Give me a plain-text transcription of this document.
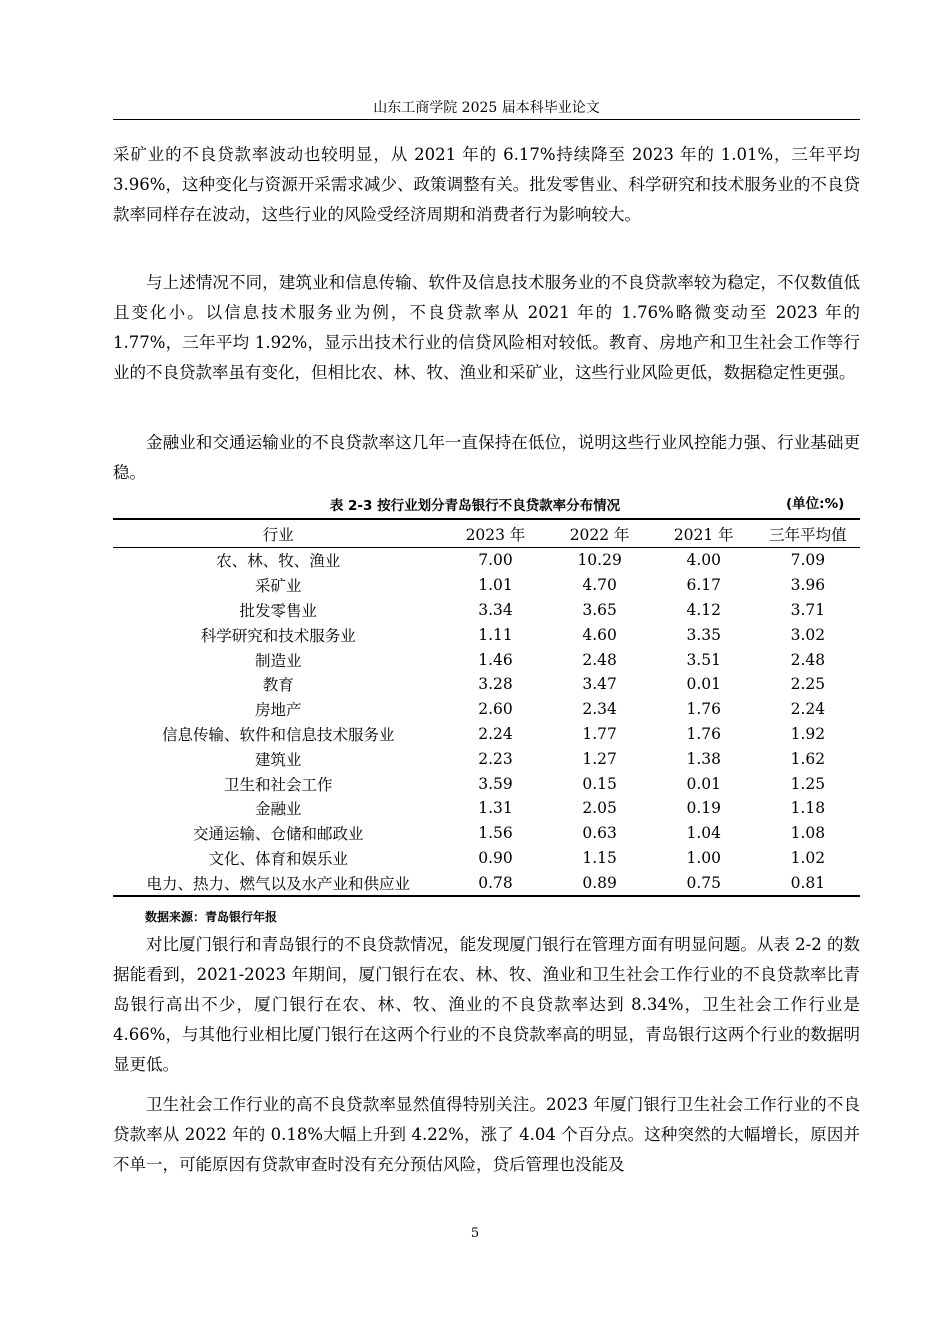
山东工商学院 2025 届本科毕业论文

采矿业的不良贷款率波动也较明显，从 2021 年的 6.17%持续降至 2023 年的 1.01%，三年平均 3.96%，这种变化与资源开采需求减少、政策调整有关。批发零售业、科学研究和技术服务业的不良贷款率同样存在波动，这些行业的风险受经济周期和消费者行为影响较大。

与上述情况不同，建筑业和信息传输、软件及信息技术服务业的不良贷款率较为稳定，不仅数值低且变化小。以信息技术服务业为例，不良贷款率从 2021 年的 1.76%略微变动至 2023 年的 1.77%，三年平均 1.92%，显示出技术行业的信贷风险相对较低。教育、房地产和卫生社会工作等行业的不良贷款率虽有变化，但相比农、林、牧、渔业和采矿业，这些行业风险更低，数据稳定性更强。

金融业和交通运输业的不良贷款率这几年一直保持在低位，说明这些行业风控能力强、行业基础更稳。

表 2-3 按行业划分青岛银行不良贷款率分布情况	(单位:%)
行业	2023 年	2022 年	2021 年	三年平均值
农、林、牧、渔业	7.00	10.29	4.00	7.09
采矿业	1.01	4.70	6.17	3.96
批发零售业	3.34	3.65	4.12	3.71
科学研究和技术服务业	1.11	4.60	3.35	3.02
制造业	1.46	2.48	3.51	2.48
教育	3.28	3.47	0.01	2.25
房地产	2.60	2.34	1.76	2.24
信息传输、软件和信息技术服务业	2.24	1.77	1.76	1.92
建筑业	2.23	1.27	1.38	1.62
卫生和社会工作	3.59	0.15	0.01	1.25
金融业	1.31	2.05	0.19	1.18
交通运输、仓储和邮政业	1.56	0.63	1.04	1.08
文化、体育和娱乐业	0.90	1.15	1.00	1.02
电力、热力、燃气以及水产业和供应业	0.78	0.89	0.75	0.81
数据来源：青岛银行年报

对比厦门银行和青岛银行的不良贷款情况，能发现厦门银行在管理方面有明显问题。从表 2-2 的数据能看到，2021-2023 年期间，厦门银行在农、林、牧、渔业和卫生社会工作行业的不良贷款率比青岛银行高出不少，厦门银行在农、林、牧、渔业的不良贷款率达到 8.34%，卫生社会工作行业是 4.66%，与其他行业相比厦门银行在这两个行业的不良贷款率高的明显，青岛银行这两个行业的数据明显更低。

卫生社会工作行业的高不良贷款率显然值得特别关注。2023 年厦门银行卫生社会工作行业的不良贷款率从 2022 年的 0.18%大幅上升到 4.22%，涨了 4.04 个百分点。这种突然的大幅增长，原因并不单一，可能原因有贷款审查时没有充分预估风险，贷后管理也没能及

5
